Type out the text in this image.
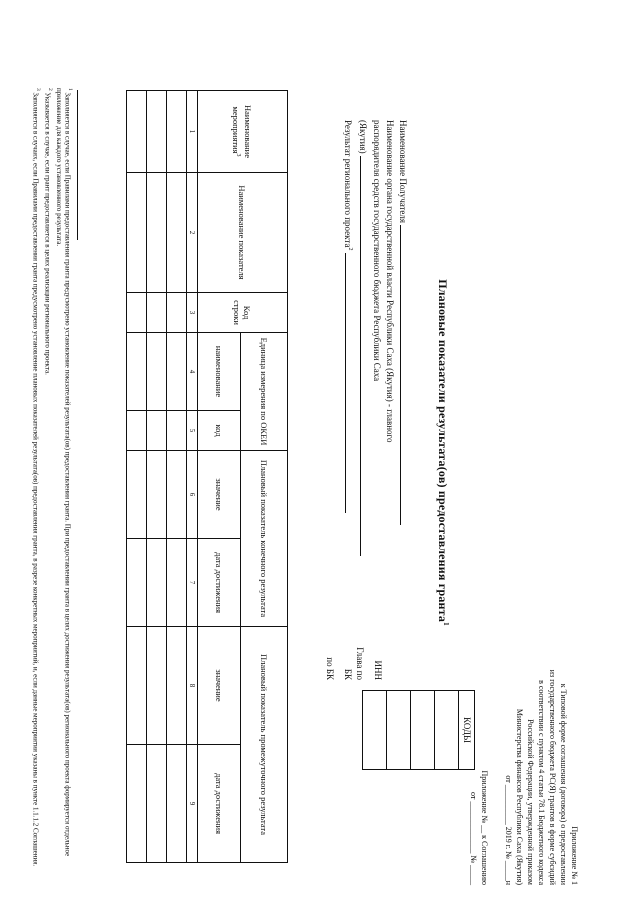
Приложение № 1
к Типовой форме соглашения (договора) о предоставлении
из государственного бюджета РС(Я) грантов в форме субсидий
в соответствии с пунктом 4 статьи 78.1 Бюджетного кодекса
Российской Федерации, утвержденной приказом
Министерства финансов Республики Саха (Якутия)
от __________ 2019 г. № _____н
Приложение № __ к Соглашению
от _____________ № _____
Плановые показатели результата(ов) предоставления гранта$^1$
Наименование Получателя
Наименование органа государственной власти Республики Саха (Якутия) - главного
распорядителя средств государственного бюджета Республики Саха
(Якутия)
Результат регионального проекта$^2$
ИНН
Глава по
БК
по БК
КОДЫ
Наименование мероприятия$^3$	Наименование показателя	Код строки	Единица измерения по ОКЕИ		Плановый показатель конечного результата		Плановый показатель промежуточного результата	
			наименование	код	значение	дата достижения	значение	дата достижения
1	2	3	4	5	6	7	8	9

$^1$ Заполняется в случае, если Правилами предоставления гранта предусмотрено установление показателей результата(ов) предоставления гранта. При предоставлении гранта в целях достижения результата(ов) регионального проекта формируется отдельное приложение для каждого установленного результата.

$^2$ Указывается в случае, если грант предоставляется в целях реализации регионального проекта.

$^3$ Заполняется в случаях, если Правилами предоставления гранта предусмотрено установление плановых показателей результата(ов) предоставления гранта, в разрезе конкретных мероприятий, и, если данные мероприятия указаны в пункте 1.1.1.2 Соглашения.
